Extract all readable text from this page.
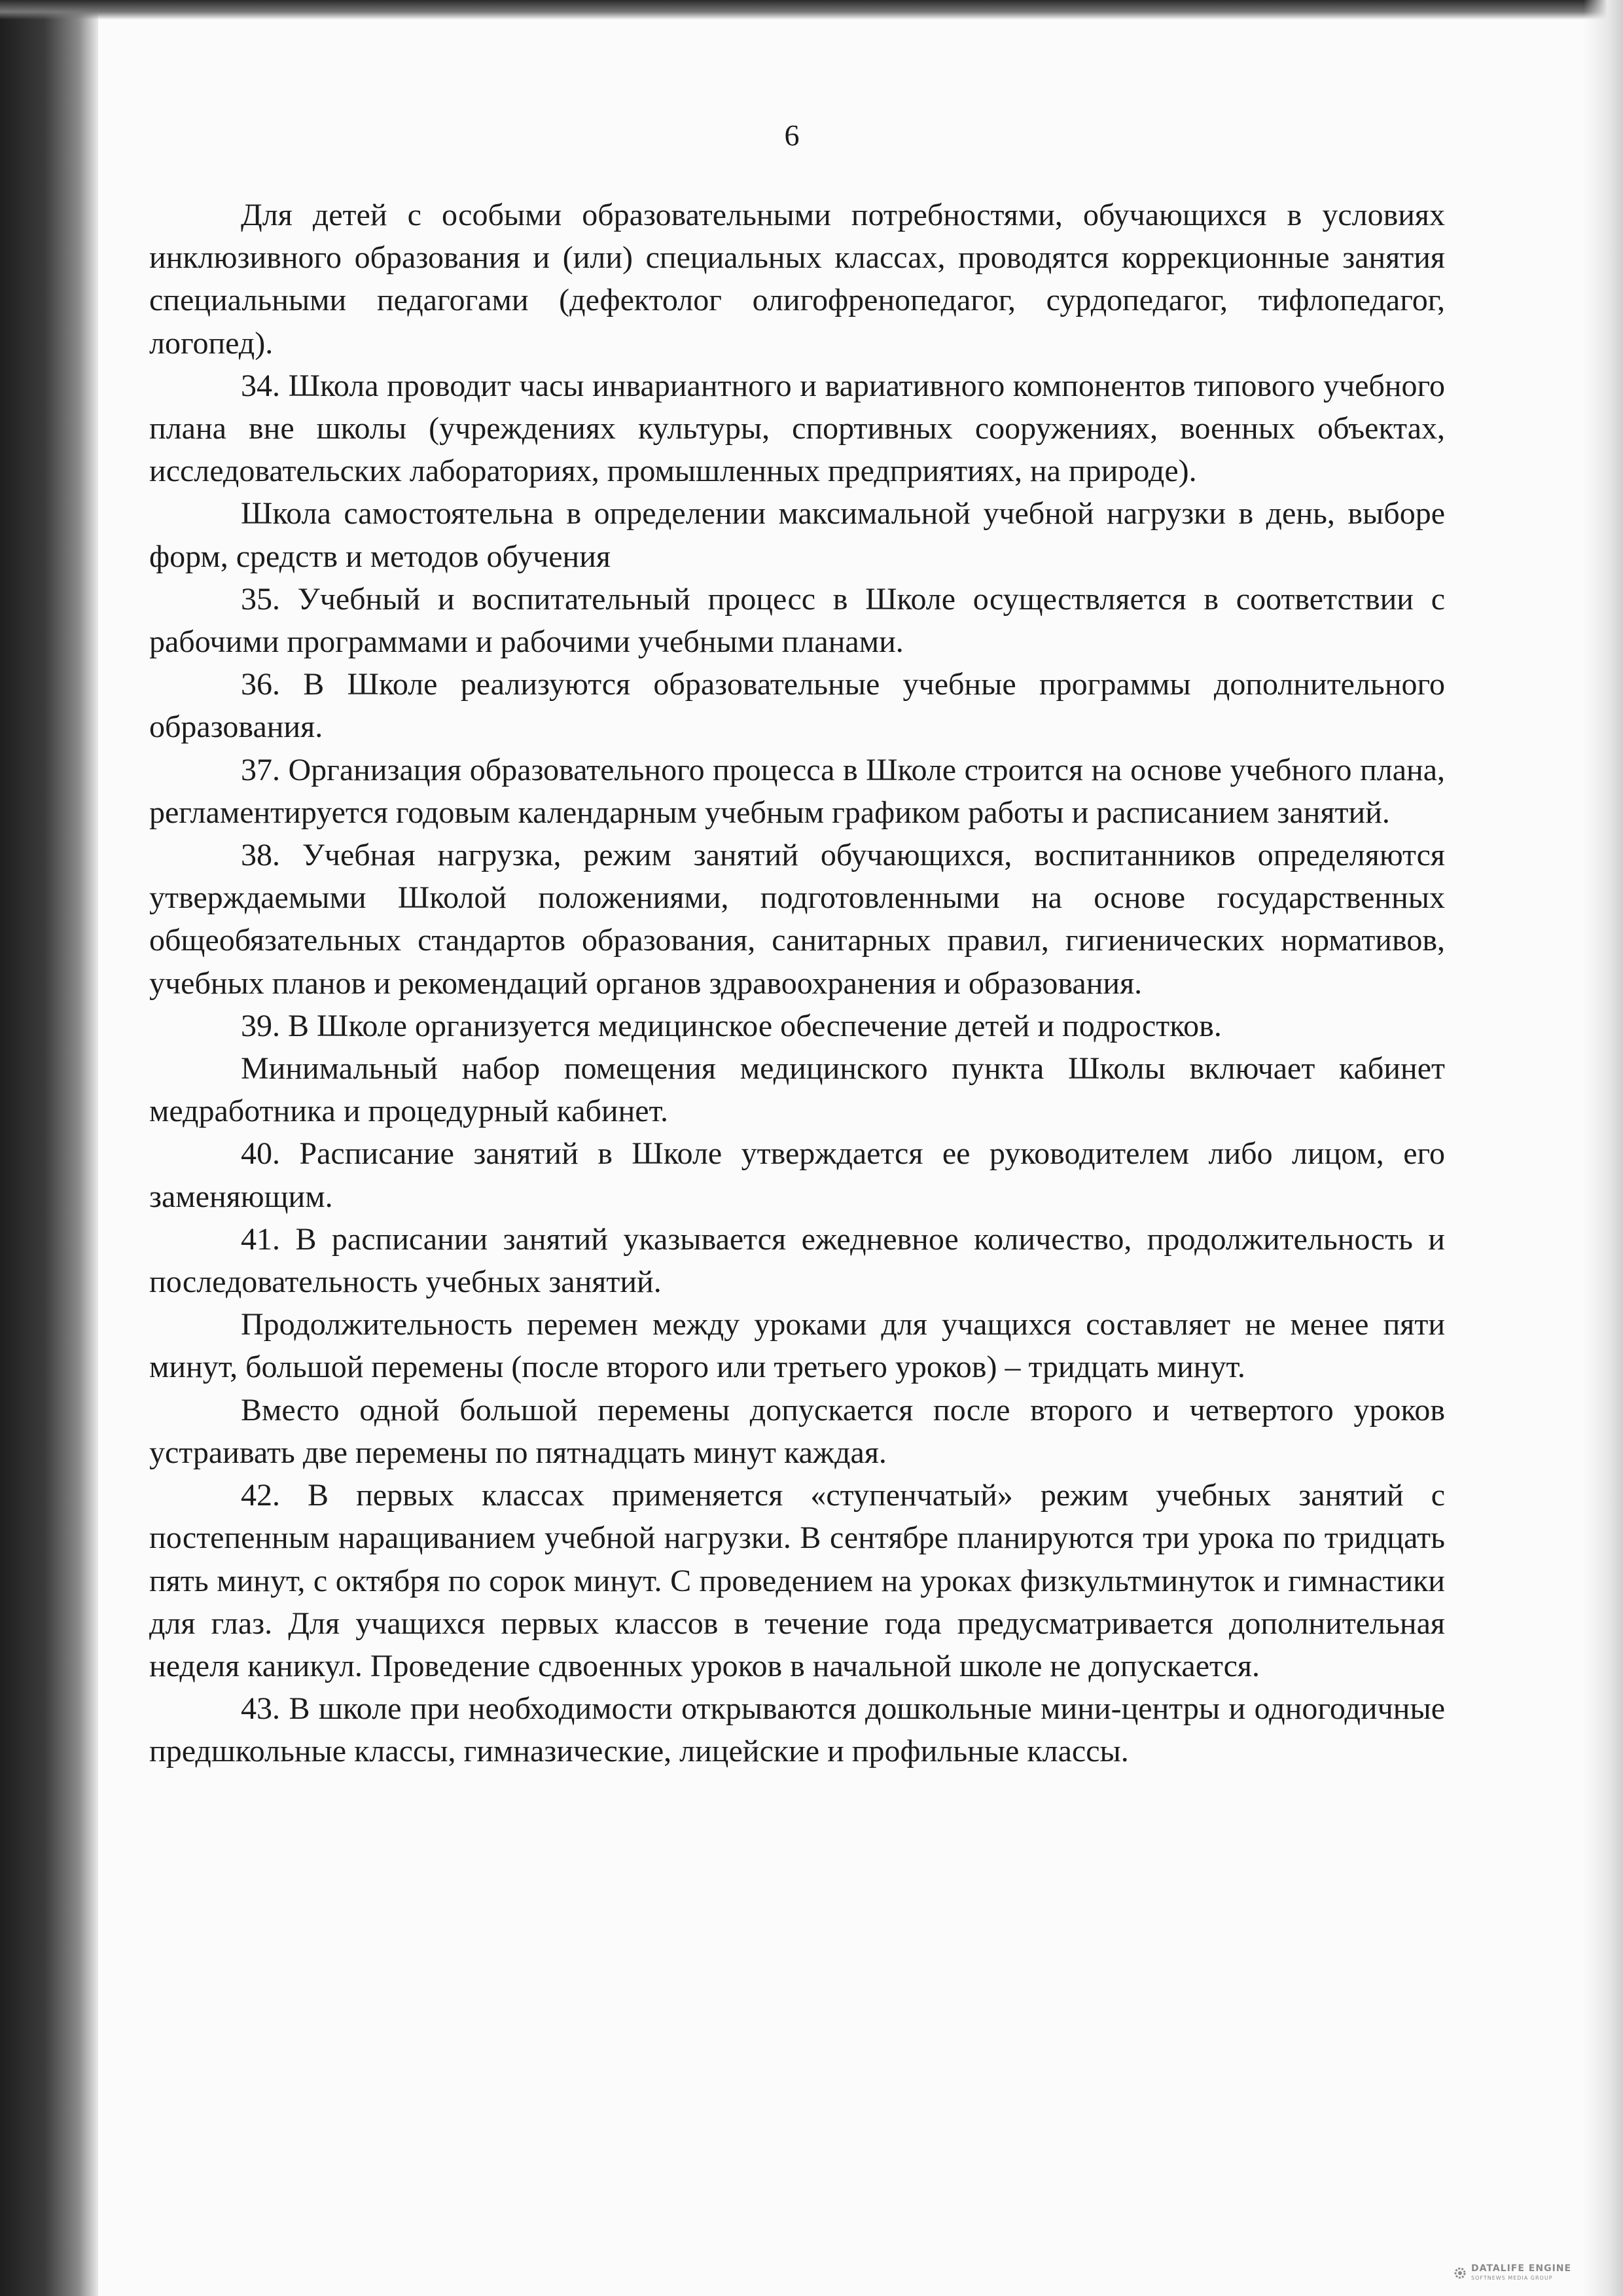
6

Для детей с особыми образовательными потребностями, обучающихся в условиях инклюзивного образования и (или) специальных классах, проводятся коррекционные занятия специальными педагогами (дефектолог олигофренопедагог, сурдопедагог, тифлопедагог, логопед).

34. Школа проводит часы инвариантного и вариативного компонентов типового учебного плана вне школы (учреждениях культуры, спортивных сооружениях, военных объектах, исследовательских лабораториях, промышленных предприятиях, на природе).

Школа самостоятельна в определении максимальной учебной нагрузки в день, выборе форм, средств и методов обучения

35. Учебный и воспитательный процесс в Школе осуществляется в соответствии с рабочими программами и рабочими учебными планами.

36. В Школе реализуются образовательные учебные программы дополнительного образования.

37. Организация образовательного процесса в Школе строится на основе учебного плана, регламентируется годовым календарным учебным графиком работы и расписанием занятий.

38. Учебная нагрузка, режим занятий обучающихся, воспитанников определяются утверждаемыми Школой положениями, подготовленными на основе государственных общеобязательных стандартов образования, санитарных правил, гигиенических нормативов, учебных планов и рекомендаций органов здравоохранения и образования.

39. В Школе организуется медицинское обеспечение детей и подростков.

Минимальный набор помещения медицинского пункта Школы включает кабинет медработника и процедурный кабинет.

40. Расписание занятий в Школе утверждается ее руководителем либо лицом, его заменяющим.

41. В расписании занятий указывается ежедневное количество, продолжительность и последовательность учебных занятий.

Продолжительность перемен между уроками для учащихся составляет не менее пяти минут, большой перемены (после второго или третьего уроков) – тридцать минут.

Вместо одной большой перемены допускается после второго и четвертого уроков устраивать две перемены по пятнадцать минут каждая.

42. В первых классах применяется «ступенчатый» режим учебных занятий с постепенным наращиванием учебной нагрузки. В сентябре планируются три урока по тридцать пять минут, с октября по сорок минут. С проведением на уроках физкультминуток и гимнастики для глаз. Для учащихся первых классов в течение года предусматривается дополнительная неделя каникул. Проведение сдвоенных уроков в начальной школе не допускается.

43. В школе при необходимости открываются дошкольные мини-центры и одногодичные предшкольные классы, гимназические, лицейские и профильные классы.

DATALIFE ENGINE
SOFTNEWS MEDIA GROUP
